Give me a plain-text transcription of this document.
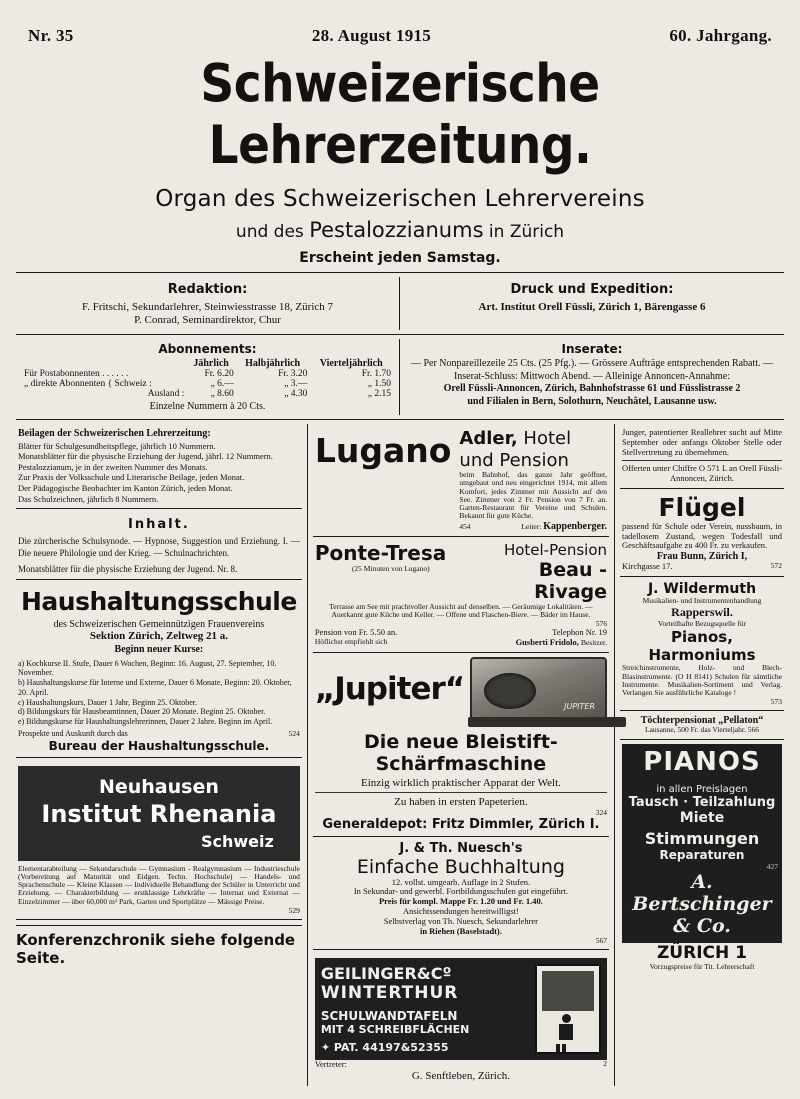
Nr. 35	28. August 1915	60. Jahrgang.
Schweizerische Lehrerzeitung.
Organ des Schweizerischen Lehrervereins
und des Pestalozzianums in Zürich
Erscheint jeden Samstag.
Redaktion:
F. Fritschi, Sekundarlehrer, Steinwiesstrasse 18, Zürich 7
P. Conrad, Seminardirektor, Chur
Druck und Expedition:
Art. Institut Orell Füssli, Zürich 1, Bärengasse 6
Abonnements:
	Jährlich	Halbjährlich	Vierteljährlich
Für Postabonnenten . . . . . .	Fr. 6.20	Fr. 3.20	Fr. 1.70
„ direkte Abonnenten { Schweiz :	„ 6.—	„ 3.—	„ 1.50
Ausland :	„ 8.60	„ 4.30	„ 2.15
Einzelne Nummern à 20 Cts.
Inserate:
— Per Nonpareillezeile 25 Cts. (25 Pfg.). — Grössere Aufträge entsprechenden Rabatt. —
Inserat-Schluss: Mittwoch Abend. — Alleinige Annoncen-Annahme:
Orell Füssli-Annoncen, Zürich, Bahnhofstrasse 61 und Füsslistrasse 2
und Filialen in Bern, Solothurn, Neuchâtel, Lausanne usw.
Beilagen der Schweizerischen Lehrerzeitung:
Blätter für Schulgesundheitspflege, jährlich 10 Nummern.
Monatsblätter für die physische Erziehung der Jugend, jährl. 12 Nummern.
Pestalozzianum, je in der zweiten Nummer des Monats.
Zur Praxis der Volksschule und Literarische Beilage, jeden Monat.
Der Pädagogische Beobachter im Kanton Zürich, jeden Monat.
Das Schulzeichnen, jährlich 8 Nummern.
Inhalt.
Die zürcherische Schulsynode. — Hypnose, Suggestion und Erziehung. I. — Die neuere Philologie und der Krieg. — Schulnachrichten.
Monatsblätter für die physische Erziehung der Jugend. Nr. 8.
Haushaltungsschule
des Schweizerischen Gemeinnützigen Frauenvereins
Sektion Zürich, Zeltweg 21 a.
Beginn neuer Kurse:
a) Kochkurse II. Stufe, Dauer 6 Wochen, Beginn: 16. August, 27. September, 10. November.
b) Haushaltungskurse für Interne und Externe, Dauer 6 Monate, Beginn: 20. Oktober, 20. April.
c) Haushaltungskurs, Dauer 1 Jahr, Beginn 25. Oktober.
d) Bildungskurs für Hausbeamtinnen, Dauer 20 Monate. Beginn 25. Oktober.
e) Bildungskurse für Haushaltungslehrerinnen, Dauer 2 Jahre. Beginn im April.
Prospekte und Auskunft durch das	524
Bureau der Haushaltungsschule.
Neuhausen
Institut Rhenania
Schweiz
Elementarabteilung — Sekundarschule — Gymnasium - Realgymnasium — Industrieschule (Vorbereitung auf Maturität und Eidgen. Techn. Hochschule) — Handels- und Sprachenschule — Kleine Klassen — Individuelle Behandlung der Schüler in Unterricht und Erziehung. — Charakterbildung — erstklassige Lehrkräfte — Internat und Externat — Einzelzimmer — über 60,000 m² Park, Garten und Sportplätze — Mässige Preise.
529
Konferenzchronik siehe folgende Seite.
Lugano Adler, Hotel und Pension
beim Bahnhof, das ganze Jahr geöffnet, umgebaut und neu eingerichtet 1914, mit allem Komfort, jedes Zimmer mit Aussicht auf den See. Zimmer von 2 Fr. Pension von 7 Fr. an. Garten-Restaurant für Vereine und Schulen. Bekannt für gute Küche.
454	Leiter: Kappenberger.
Ponte-Tresa
(25 Minuten von Lugano)
Hotel-Pension
Beau - Rivage
Terrasse am See mit prachtvoller Aussicht auf denselben. — Geräumige Lokalitäten. — Auerkannt gute Küche und Keller. — Offene und Flaschen-Biere. — Bäder im Hause.
576
Pension von Fr. 5.50 an.	Telephon Nr. 19
Höflichst empfiehlt sich	Gusberti Fridolo, Besitzer.
„Jupiter“	JUPITER
Die neue Bleistift-Schärfmaschine
Einzig wirklich praktischer Apparat der Welt.
Zu haben in ersten Papeterien.
324
Generaldepot: Fritz Dimmler, Zürich I.
J. & Th. Nuesch's
Einfache Buchhaltung
12. vollst. umgearb. Auflage in 2 Stufen.
In Sekundar- und gewerbl. Fortbildungsschulen gut eingeführt.
Preis für kompl. Mappe Fr. 1.20 und Fr. 1.40.
Ansichtssendungen bereitwilligst!
Selbstverlag von Th. Nuesch, Sekundarlehrer
in Riehen (Baselstadt).
567
GEILINGER&Cº
WINTERTHUR
SCHULWANDTAFELN
MIT 4 SCHREIBFLÄCHEN
✦ PAT. 44197&52355
Vertreter:	2
G. Senftleben, Zürich.
Junger, patentierter Reallehrer sucht auf Mitte September oder anfangs Oktober Stelle oder Stellvertretung zu übernehmen.
Offerten unter Chiffre O 571 L an Orell Füssli-Annoncen, Zürich.
Flügel
passend für Schule oder Verein, nussbaum, in tadellosem Zustand, wegen Todesfall und Geschäftsaufgabe zu 400 Fr. zu verkaufen.
Frau Bunn, Zürich I,
Kirchgasse 17.	572
J. Wildermuth
Musikalien- und Instrumentenhandlung
Rapperswil.
Vorteilhafte Bezugsquelle für
Pianos, Harmoniums
Streichinstrumente, Holz- und Blech-Blasinstrumente. (O H 8141) Schulen für sämtliche Instrumente. Musikalien-Sortiment und Verlag. Verlangen Sie ausführliche Kataloge !
573
Töchterpensionat „Pellaton“
Lausanne, 500 Fr. das Vierteljahr. 566
PIANOS
in allen Preislagen
Tausch · Teilzahlung
Miete
Stimmungen
Reparaturen
427
A. Bertschinger & Co.
ZÜRICH 1
Vorzugspreise für Tit. Lehrerschaft
